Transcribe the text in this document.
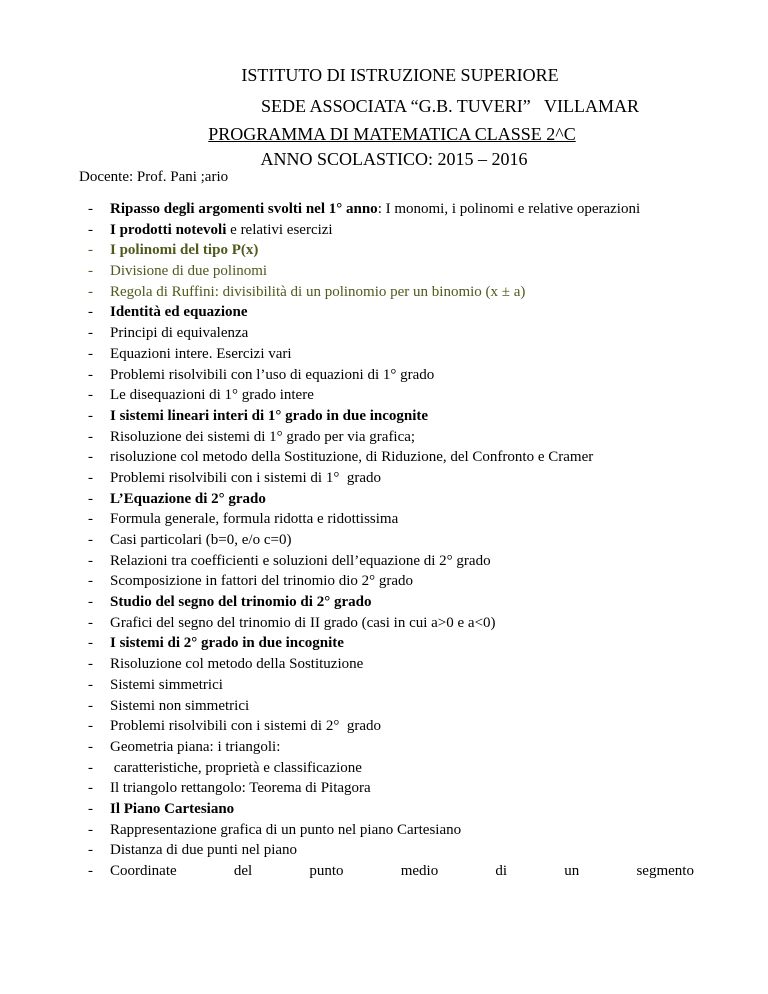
ISTITUTO DI ISTRUZIONE SUPERIORE
SEDE ASSOCIATA “G.B. TUVERI”   VILLAMAR
PROGRAMMA DI MATEMATICA CLASSE 2^C
ANNO SCOLASTICO: 2015 – 2016
Docente: Prof. Pani ;ario
- Ripasso degli argomenti svolti nel 1° anno: I monomi, i polinomi e relative operazioni
- I prodotti notevoli e relativi esercizi
- I polinomi del tipo P(x)
- Divisione di due polinomi
- Regola di Ruffini: divisibilità di un polinomio per un binomio (x ± a)
- Identità ed equazione
- Principi di equivalenza
- Equazioni intere. Esercizi vari
- Problemi risolvibili con l’uso di equazioni di 1° grado
- Le disequazioni di 1° grado intere
- I sistemi lineari interi di 1° grado in due incognite
- Risoluzione dei sistemi di 1° grado per via grafica;
- risoluzione col metodo della Sostituzione, di Riduzione, del Confronto e Cramer
- Problemi risolvibili con i sistemi di 1°  grado
- L’Equazione di 2° grado
- Formula generale, formula ridotta e ridottissima
- Casi particolari (b=0, e/o c=0)
- Relazioni tra coefficienti e soluzioni dell’equazione di 2° grado
- Scomposizione in fattori del trinomio dio 2° grado
- Studio del segno del trinomio di 2° grado
- Grafici del segno del trinomio di II grado (casi in cui a>0 e a<0)
- I sistemi di 2° grado in due incognite
- Risoluzione col metodo della Sostituzione
- Sistemi simmetrici
- Sistemi non simmetrici
- Problemi risolvibili con i sistemi di 2°  grado
- Geometria piana: i triangoli:
- caratteristiche, proprietà e classificazione
- Il triangolo rettangolo: Teorema di Pitagora
- Il Piano Cartesiano
- Rappresentazione grafica di un punto nel piano Cartesiano
- Distanza di due punti nel piano
- Coordinate	del	punto	medio	di	un	segmento
